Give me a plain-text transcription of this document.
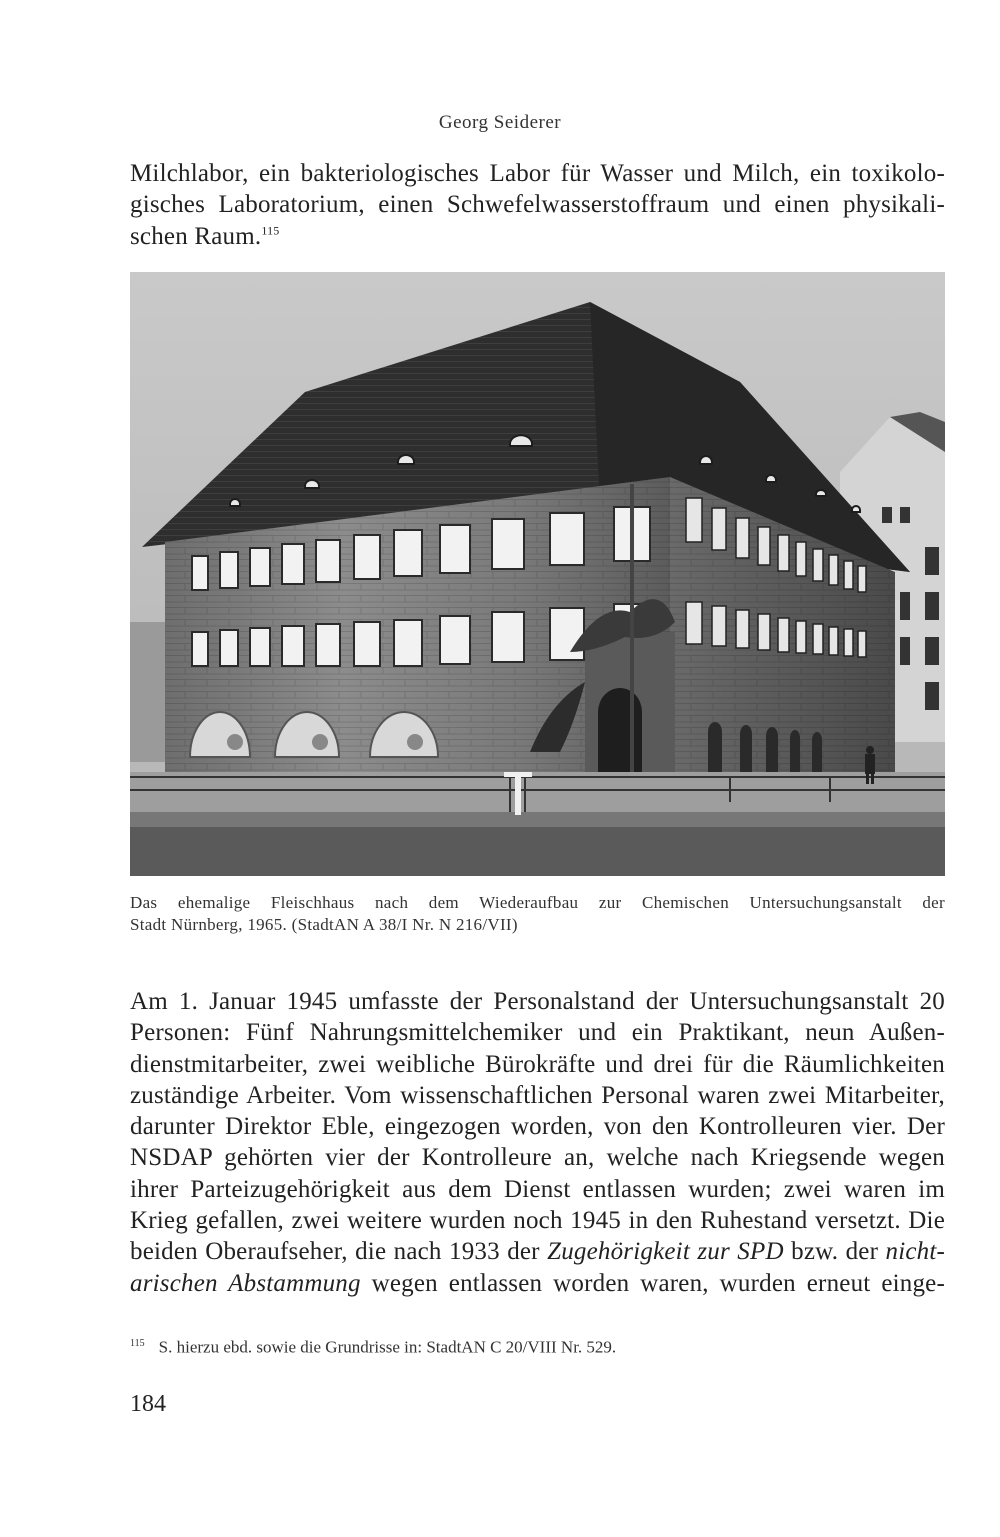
Georg Seiderer
Milchlabor, ein bakteriologisches Labor für Wasser und Milch, ein toxikolo-
gisches Laboratorium, einen Schwefelwasserstoffraum und einen physikali-
schen Raum.$^{115}$
Das ehemalige Fleischhaus nach dem Wiederaufbau zur Chemischen Untersuchungsanstalt der
Stadt Nürnberg, 1965. (StadtAN A 38/I Nr. N 216/VII)
Am 1. Januar 1945 umfasste der Personalstand der Untersuchungsanstalt 20
Personen: Fünf Nahrungsmittelchemiker und ein Praktikant, neun Außen-
dienstmitarbeiter, zwei weibliche Bürokräfte und drei für die Räumlichkeiten
zuständige Arbeiter. Vom wissenschaftlichen Personal waren zwei Mitarbeiter,
darunter Direktor Eble, eingezogen worden, von den Kontrolleuren vier. Der
NSDAP gehörten vier der Kontrolleure an, welche nach Kriegsende wegen
ihrer Parteizugehörigkeit aus dem Dienst entlassen wurden; zwei waren im
Krieg gefallen, zwei weitere wurden noch 1945 in den Ruhestand versetzt. Die
beiden Oberaufseher, die nach 1933 der Zugehörigkeit zur SPD bzw. der nicht-
arischen Abstammung wegen entlassen worden waren, wurden erneut einge-
$^{115}$ S. hierzu ebd. sowie die Grundrisse in: StadtAN C 20/VIII Nr. 529.
184
